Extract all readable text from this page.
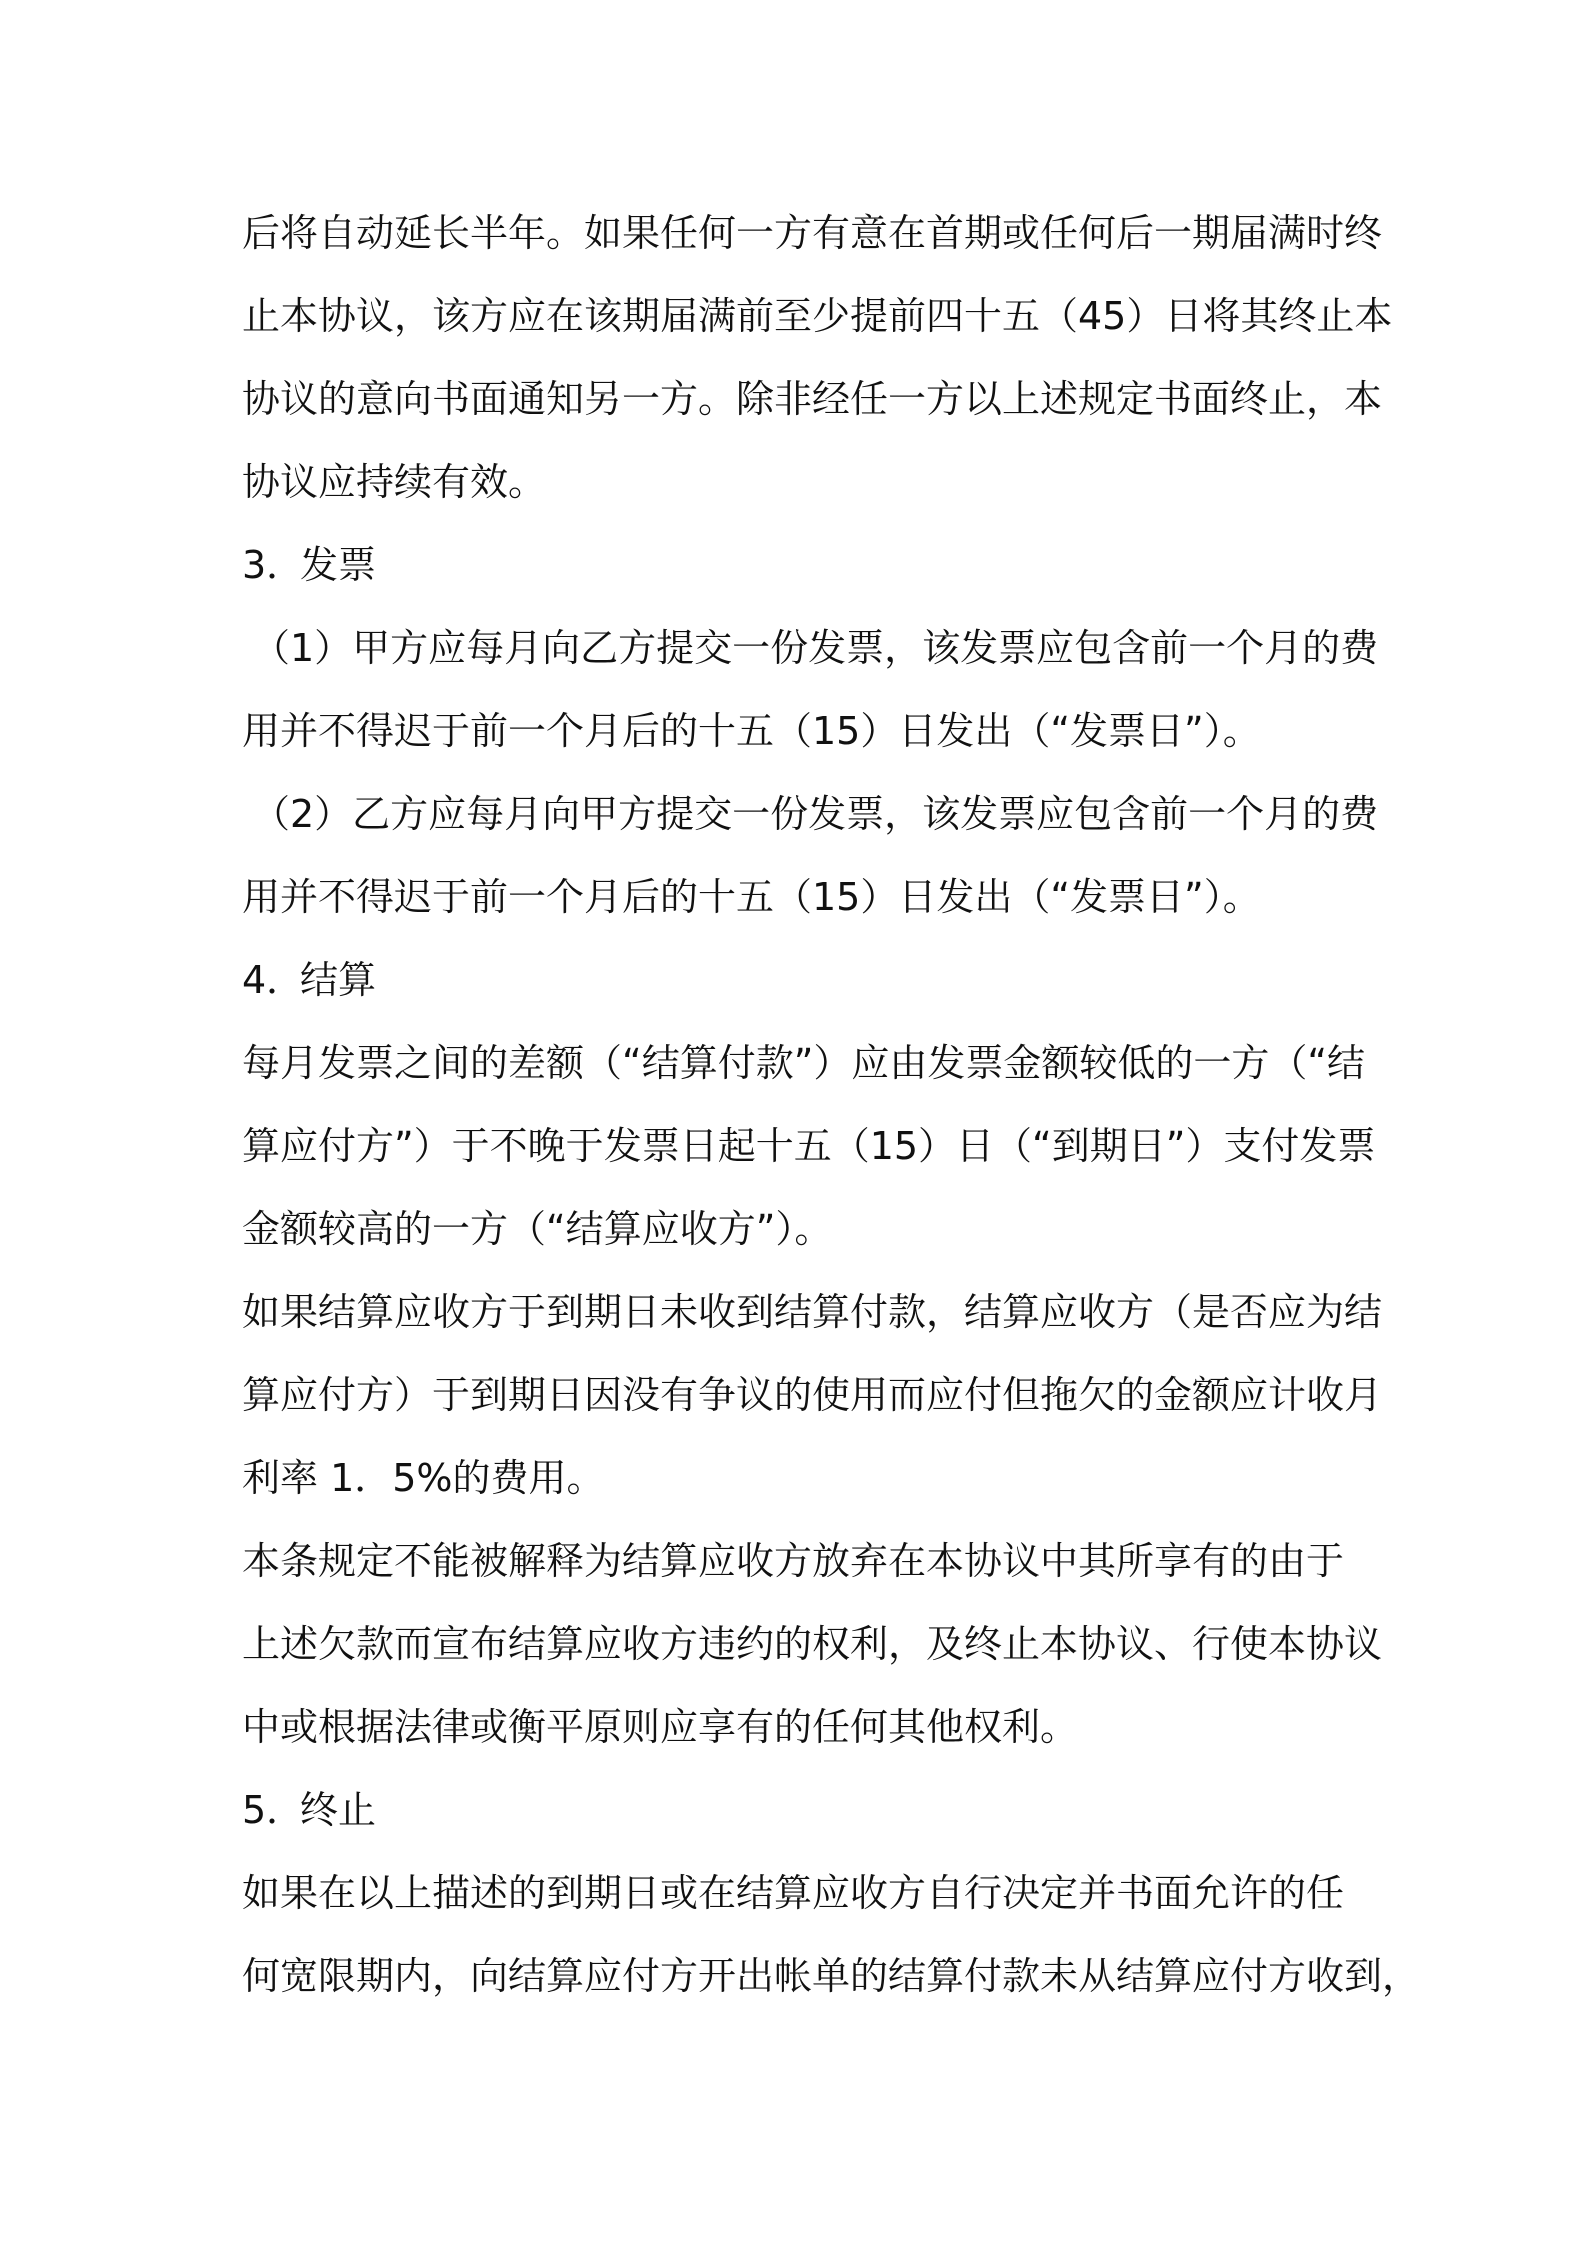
后将自动延长半年。如果任何一方有意在首期或任何后一期届满时终
止本协议，该方应在该期届满前至少提前四十五（45）日将其终止本
协议的意向书面通知另一方。除非经任一方以上述规定书面终止，本
协议应持续有效。
3．发票
（1）甲方应每月向乙方提交一份发票，该发票应包含前一个月的费
用并不得迟于前一个月后的十五（15）日发出（“发票日”）。
（2）乙方应每月向甲方提交一份发票，该发票应包含前一个月的费
用并不得迟于前一个月后的十五（15）日发出（“发票日”）。
4．结算
每月发票之间的差额（“结算付款”）应由发票金额较低的一方（“结
算应付方”）于不晚于发票日起十五（15）日（“到期日”）支付发票
金额较高的一方（“结算应收方”）。
如果结算应收方于到期日未收到结算付款，结算应收方（是否应为结
算应付方）于到期日因没有争议的使用而应付但拖欠的金额应计收月
利率 1．5%的费用。
本条规定不能被解释为结算应收方放弃在本协议中其所享有的由于
上述欠款而宣布结算应收方违约的权利，及终止本协议、行使本协议
中或根据法律或衡平原则应享有的任何其他权利。
5．终止
如果在以上描述的到期日或在结算应收方自行决定并书面允许的任
何宽限期内，向结算应付方开出帐单的结算付款未从结算应付方收到，
